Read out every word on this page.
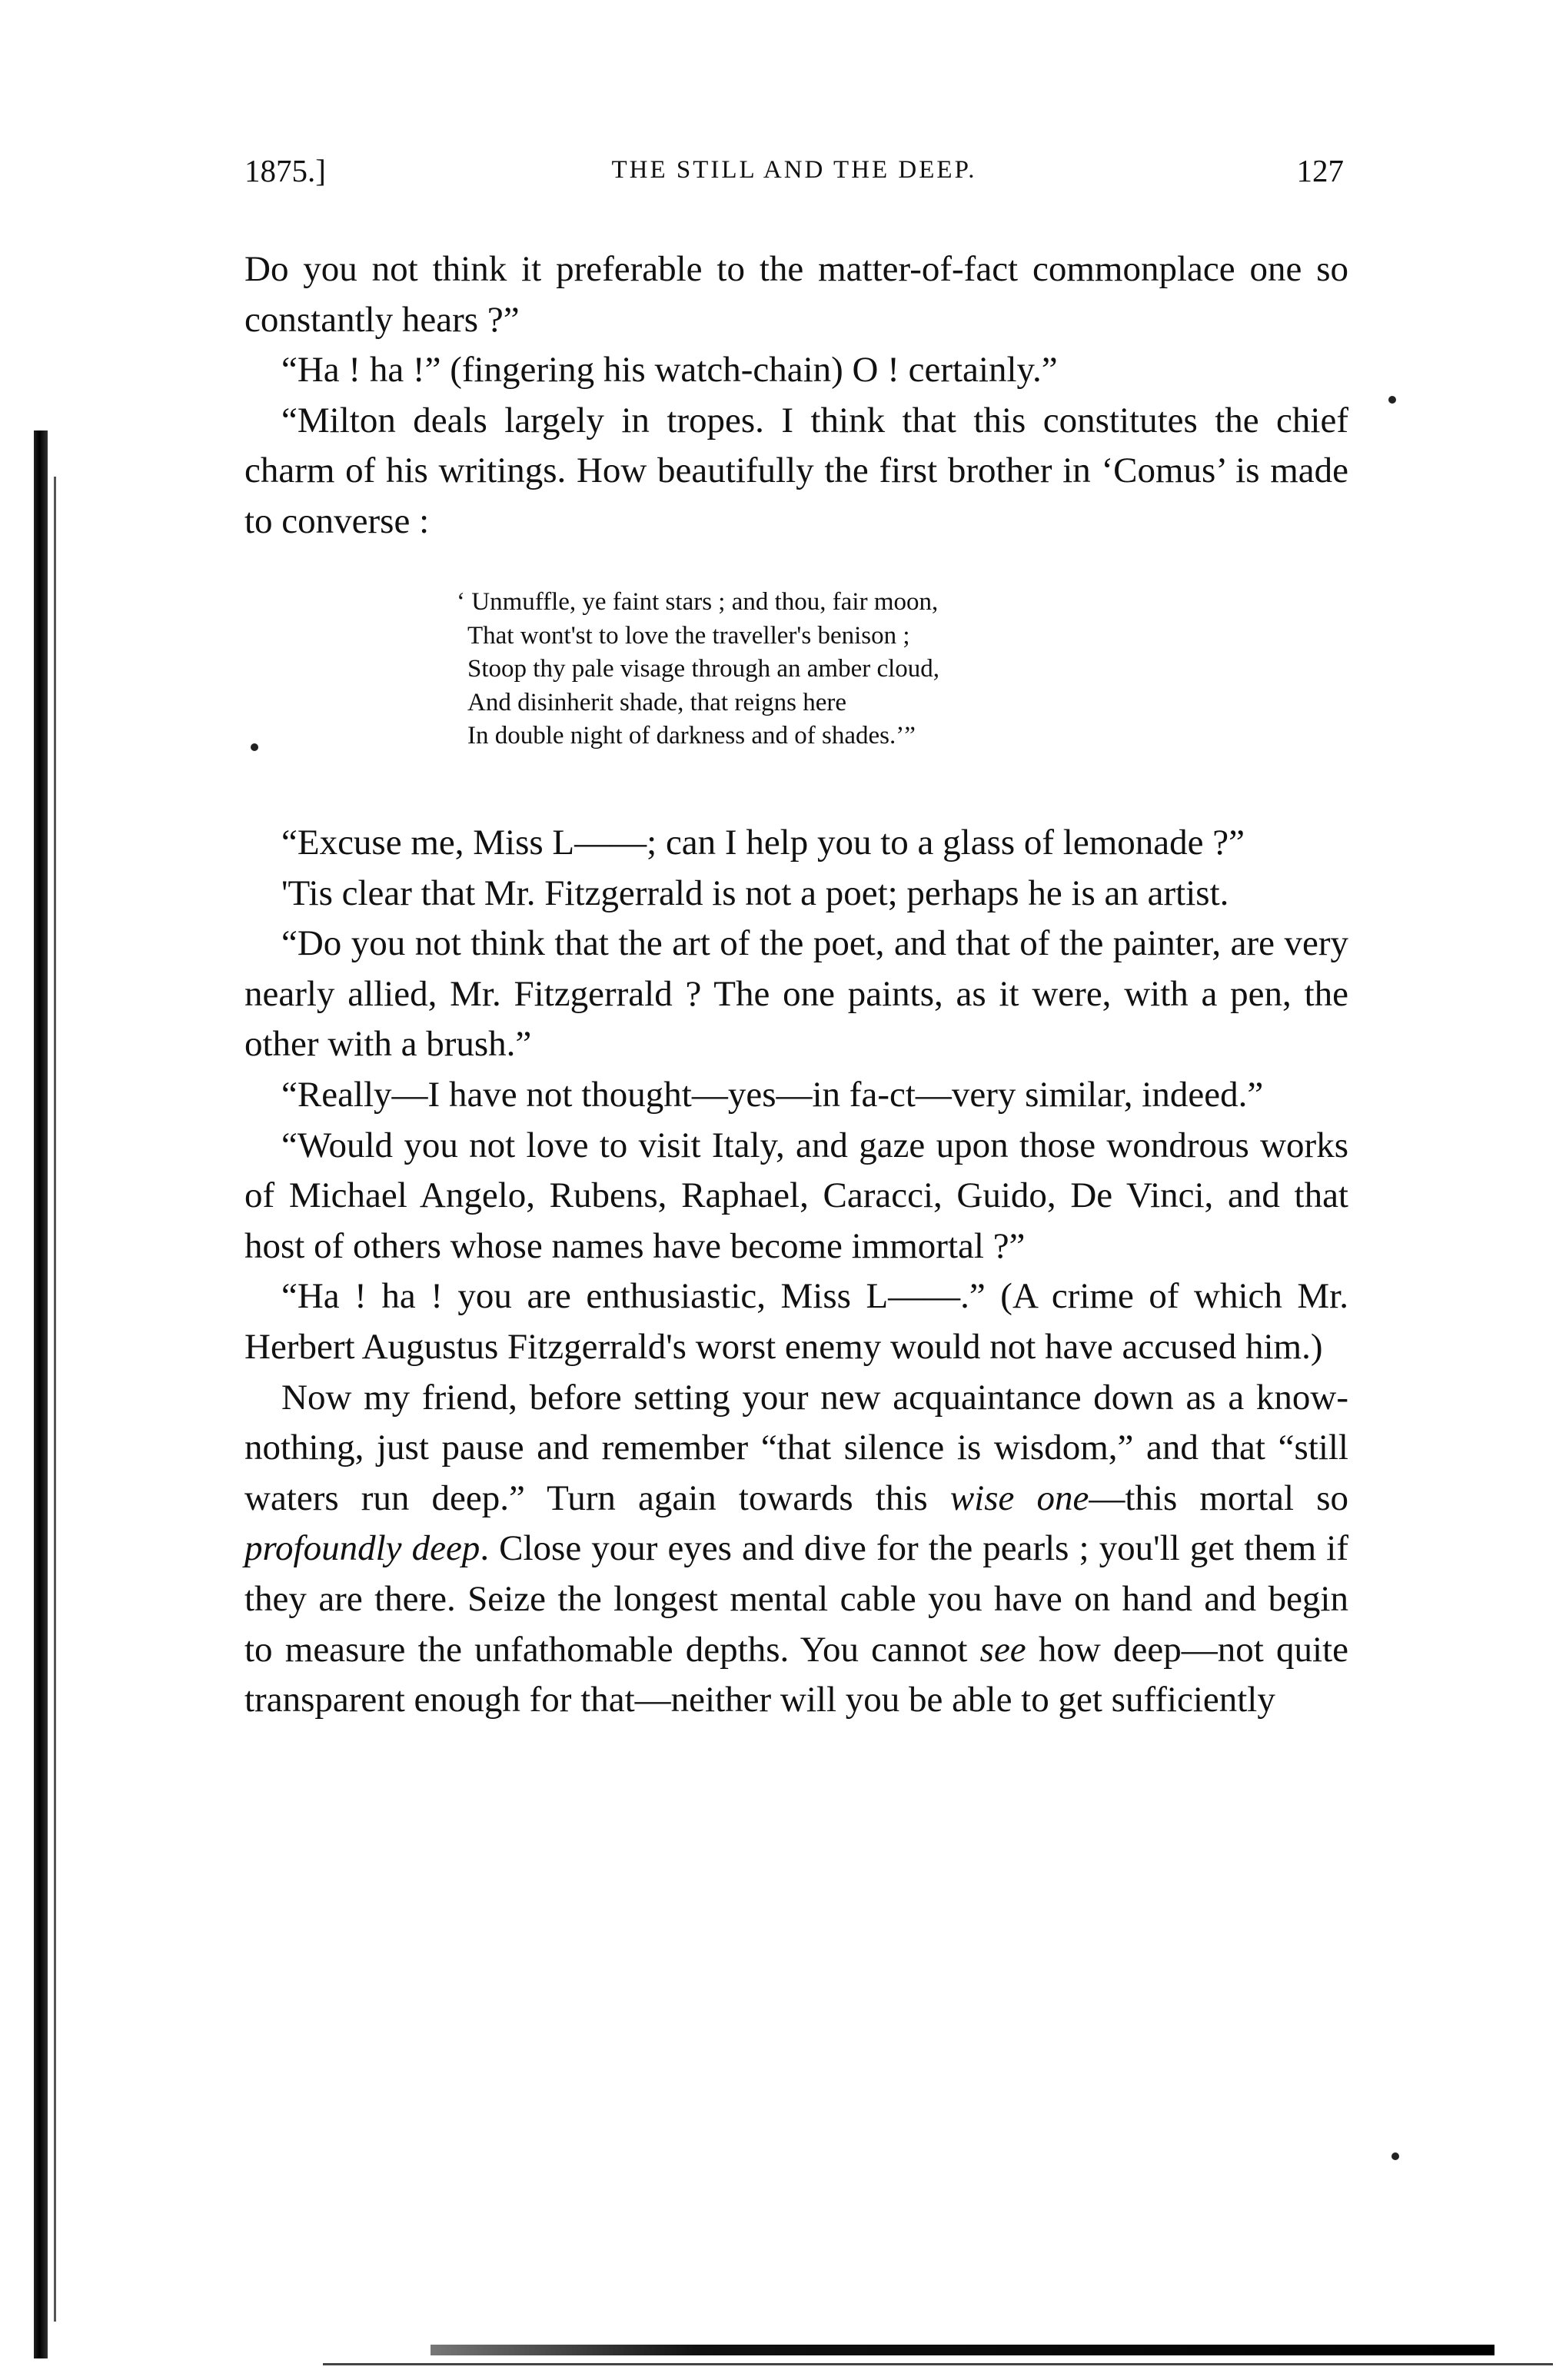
1875.]	THE STILL AND THE DEEP.	127

Do you not think it preferable to the matter-of-fact commonplace one so constantly hears ?”

“Ha ! ha !” (fingering his watch-chain) O ! certainly.”

“Milton deals largely in tropes. I think that this constitutes the chief charm of his writings. How beautifully the first brother in ‘Comus’ is made to converse :

‘ Unmuffle, ye faint stars ; and thou, fair moon,
That wont'st to love the traveller's benison ;
Stoop thy pale visage through an amber cloud,
And disinherit shade, that reigns here
In double night of darkness and of shades.’”

“Excuse me, Miss L——; can I help you to a glass of lemonade ?”

'Tis clear that Mr. Fitzgerrald is not a poet; perhaps he is an artist.

“Do you not think that the art of the poet, and that of the painter, are very nearly allied, Mr. Fitzgerrald ? The one paints, as it were, with a pen, the other with a brush.”

“Really—I have not thought—yes—in fa-ct—very similar, indeed.”

“Would you not love to visit Italy, and gaze upon those wondrous works of Michael Angelo, Rubens, Raphael, Caracci, Guido, De Vinci, and that host of others whose names have become immortal ?”

“Ha ! ha ! you are enthusiastic, Miss L——.” (A crime of which Mr. Herbert Augustus Fitzgerrald's worst enemy would not have accused him.)

Now my friend, before setting your new acquaintance down as a know-nothing, just pause and remember “that silence is wisdom,” and that “still waters run deep.” Turn again towards this wise one—this mortal so profoundly deep. Close your eyes and dive for the pearls ; you'll get them if they are there. Seize the longest mental cable you have on hand and begin to measure the unfathomable depths. You cannot see how deep—not quite transparent enough for that—neither will you be able to get sufficiently
